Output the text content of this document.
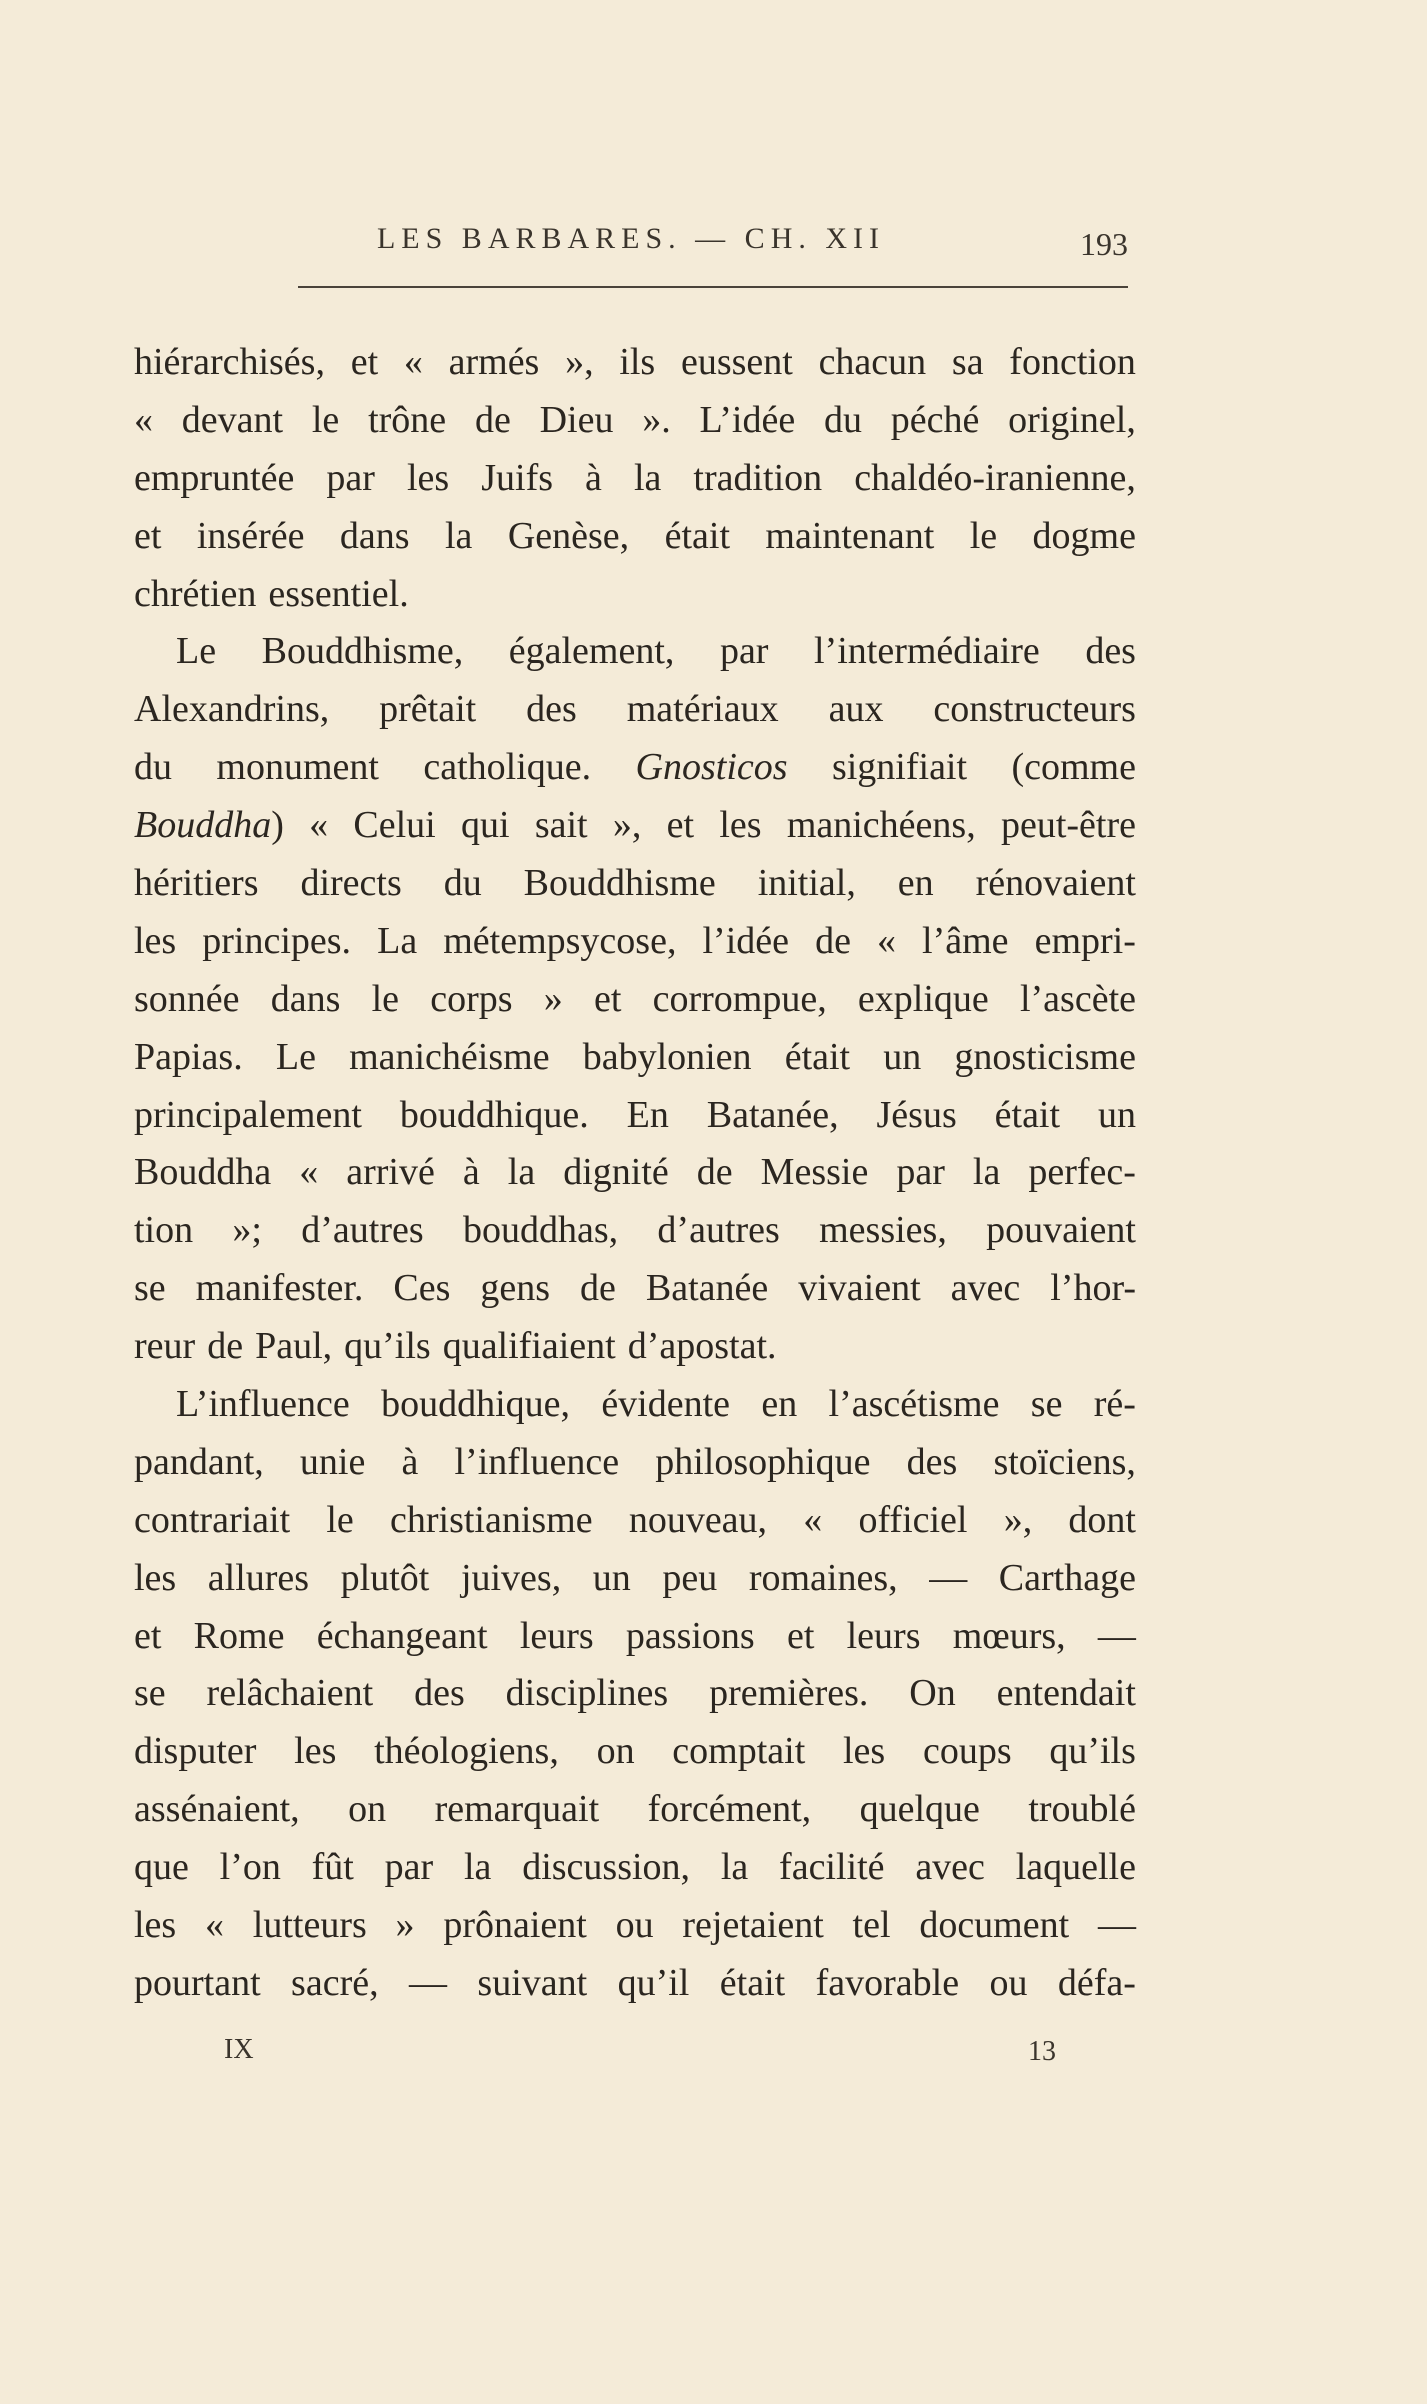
LES BARBARES. — CH. XII	193
hiérarchisés, et « armés », ils eussent chacun sa fonction
« devant le trône de Dieu ». L’idée du péché originel,
empruntée par les Juifs à la tradition chaldéo-iranienne,
et insérée dans la Genèse, était maintenant le dogme
chrétien essentiel.
Le Bouddhisme, également, par l’intermédiaire des
Alexandrins, prêtait des matériaux aux constructeurs
du monument catholique. Gnosticos signifiait (comme
Bouddha) « Celui qui sait », et les manichéens, peut-être
héritiers directs du Bouddhisme initial, en rénovaient
les principes. La métempsycose, l’idée de « l’âme empri-
sonnée dans le corps » et corrompue, explique l’ascète
Papias. Le manichéisme babylonien était un gnosticisme
principalement bouddhique. En Batanée, Jésus était un
Bouddha « arrivé à la dignité de Messie par la perfec-
tion »; d’autres bouddhas, d’autres messies, pouvaient
se manifester. Ces gens de Batanée vivaient avec l’hor-
reur de Paul, qu’ils qualifiaient d’apostat.
L’influence bouddhique, évidente en l’ascétisme se ré-
pandant, unie à l’influence philosophique des stoïciens,
contrariait le christianisme nouveau, « officiel », dont
les allures plutôt juives, un peu romaines, — Carthage
et Rome échangeant leurs passions et leurs mœurs, —
se relâchaient des disciplines premières. On entendait
disputer les théologiens, on comptait les coups qu’ils
assénaient, on remarquait forcément, quelque troublé
que l’on fût par la discussion, la facilité avec laquelle
les « lutteurs » prônaient ou rejetaient tel document —
pourtant sacré, — suivant qu’il était favorable ou défa-
IX	13
